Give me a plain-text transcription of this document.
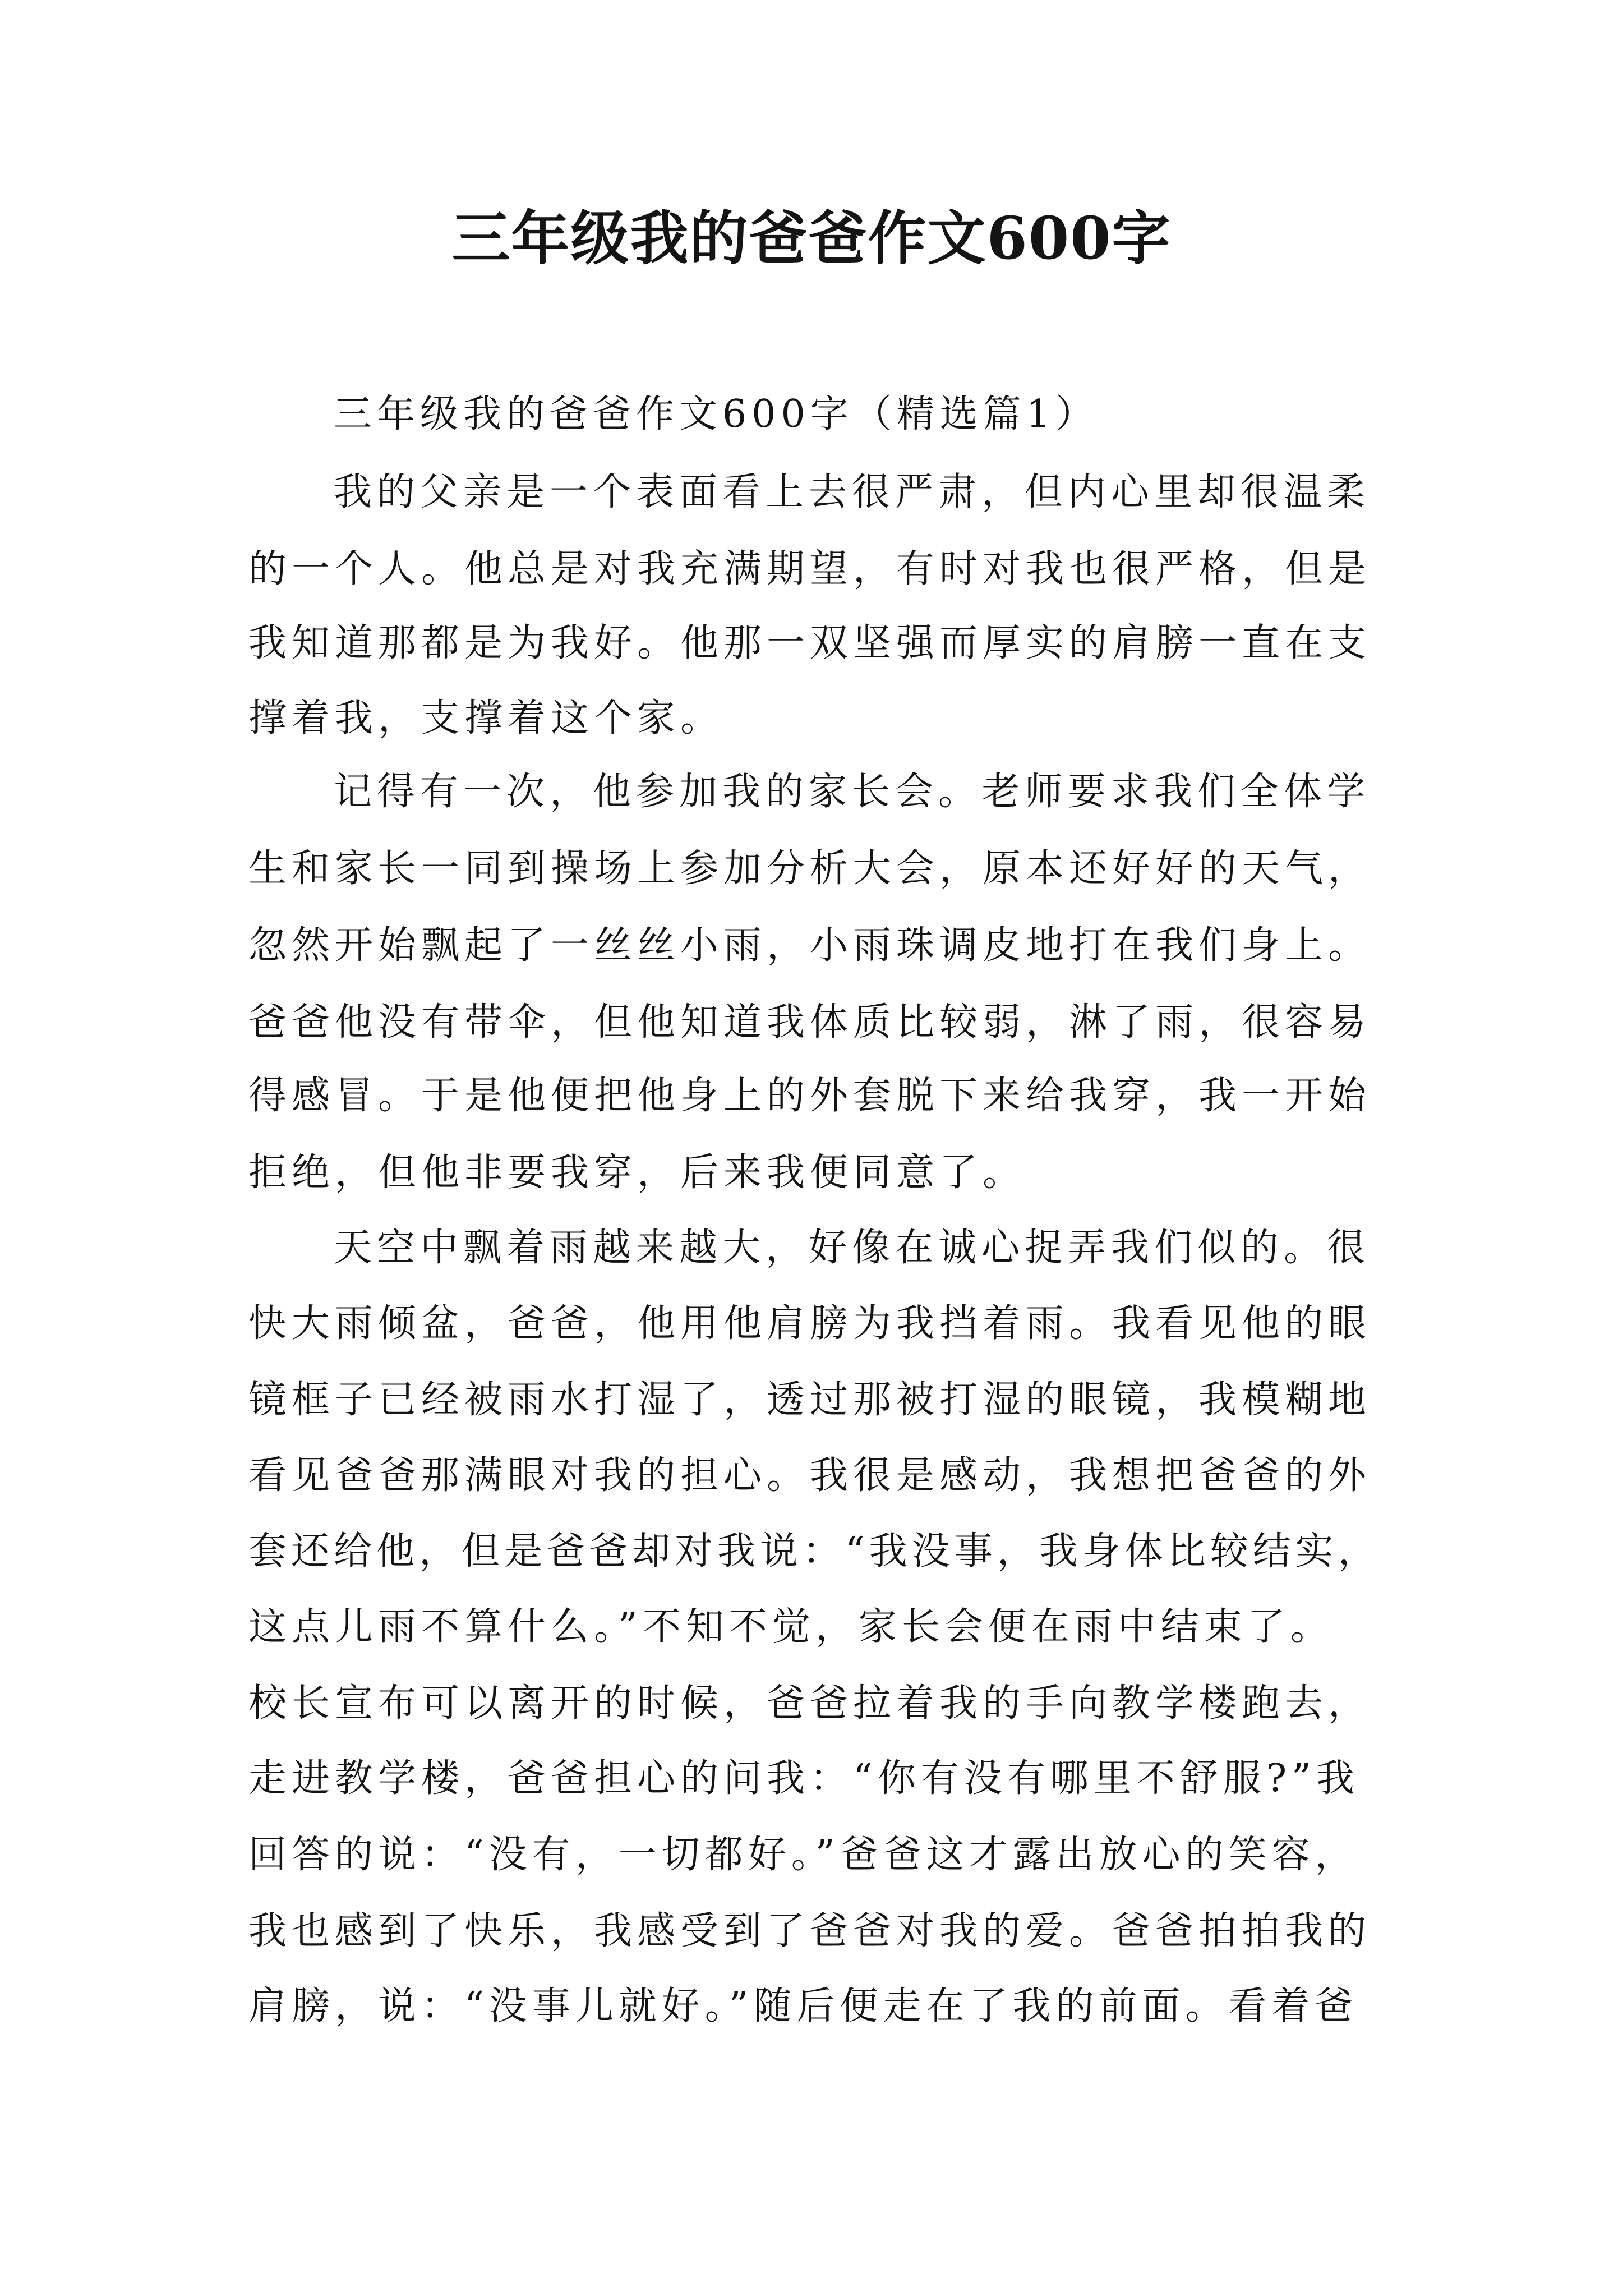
三年级我的爸爸作文600字
三年级我的爸爸作文600字（精选篇1）
我的父亲是一个表面看上去很严肃，但内心里却很温柔
的一个人。他总是对我充满期望，有时对我也很严格，但是
我知道那都是为我好。他那一双坚强而厚实的肩膀一直在支
撑着我，支撑着这个家。
记得有一次，他参加我的家长会。老师要求我们全体学
生和家长一同到操场上参加分析大会，原本还好好的天气，
忽然开始飘起了一丝丝小雨，小雨珠调皮地打在我们身上。
爸爸他没有带伞，但他知道我体质比较弱，淋了雨，很容易
得感冒。于是他便把他身上的外套脱下来给我穿，我一开始
拒绝，但他非要我穿，后来我便同意了。
天空中飘着雨越来越大，好像在诚心捉弄我们似的。很
快大雨倾盆，爸爸，他用他肩膀为我挡着雨。我看见他的眼
镜框子已经被雨水打湿了，透过那被打湿的眼镜，我模糊地
看见爸爸那满眼对我的担心。我很是感动，我想把爸爸的外
套还给他，但是爸爸却对我说：“我没事，我身体比较结实，
这点儿雨不算什么。”不知不觉，家长会便在雨中结束了。
校长宣布可以离开的时候，爸爸拉着我的手向教学楼跑去，
走进教学楼，爸爸担心的问我：“你有没有哪里不舒服?”我
回答的说：“没有，一切都好。”爸爸这才露出放心的笑容，
我也感到了快乐，我感受到了爸爸对我的爱。爸爸拍拍我的
肩膀，说：“没事儿就好。”随后便走在了我的前面。看着爸
